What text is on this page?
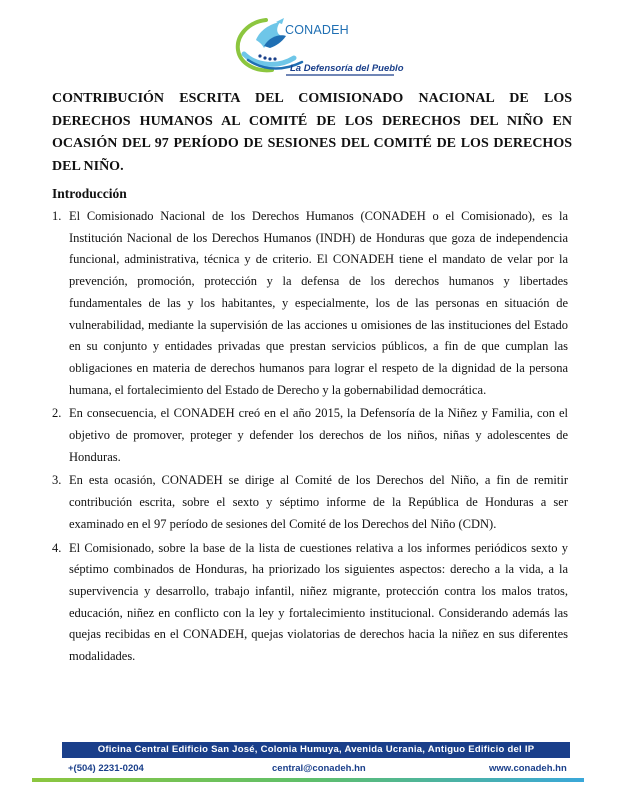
CONADEH
La Defensoría del Pueblo
CONTRIBUCIÓN ESCRITA DEL COMISIONADO NACIONAL DE LOS DERECHOS HUMANOS AL COMITÉ DE LOS DERECHOS DEL NIÑO EN OCASIÓN DEL 97 PERÍODO DE SESIONES DEL COMITÉ DE LOS DERECHOS DEL NIÑO.
Introducción
1. El Comisionado Nacional de los Derechos Humanos (CONADEH o el Comisionado), es la Institución Nacional de los Derechos Humanos (INDH) de Honduras que goza de independencia funcional, administrativa, técnica y de criterio. El CONADEH tiene el mandato de velar por la prevención, promoción, protección y la defensa de los derechos humanos y libertades fundamentales de las y los habitantes, y especialmente, los de las personas en situación de vulnerabilidad, mediante la supervisión de las acciones u omisiones de las instituciones del Estado en su conjunto y entidades privadas que prestan servicios públicos, a fin de que cumplan las obligaciones en materia de derechos humanos para lograr el respeto de la dignidad de la persona humana, el fortalecimiento del Estado de Derecho y la gobernabilidad democrática.
2. En consecuencia, el CONADEH creó en el año 2015, la Defensoría de la Niñez y Familia, con el objetivo de promover, proteger y defender los derechos de los niños, niñas y adolescentes de Honduras.
3. En esta ocasión, CONADEH se dirige al Comité de los Derechos del Niño, a fin de remitir contribución escrita, sobre el sexto y séptimo informe de la República de Honduras a ser examinado en el 97 período de sesiones del Comité de los Derechos del Niño (CDN).
4. El Comisionado, sobre la base de la lista de cuestiones relativa a los informes periódicos sexto y séptimo combinados de Honduras, ha priorizado los siguientes aspectos: derecho a la vida, a la supervivencia y desarrollo, trabajo infantil, niñez migrante, protección contra los malos tratos, educación, niñez en conflicto con la ley y fortalecimiento institucional. Considerando además las quejas recibidas en el CONADEH, quejas violatorias de derechos hacia la niñez en sus diferentes modalidades.
Oficina Central Edificio San José, Colonia Humuya, Avenida Ucrania, Antiguo Edificio del IP
+(504) 2231-0204	central@conadeh.hn	www.conadeh.hn
